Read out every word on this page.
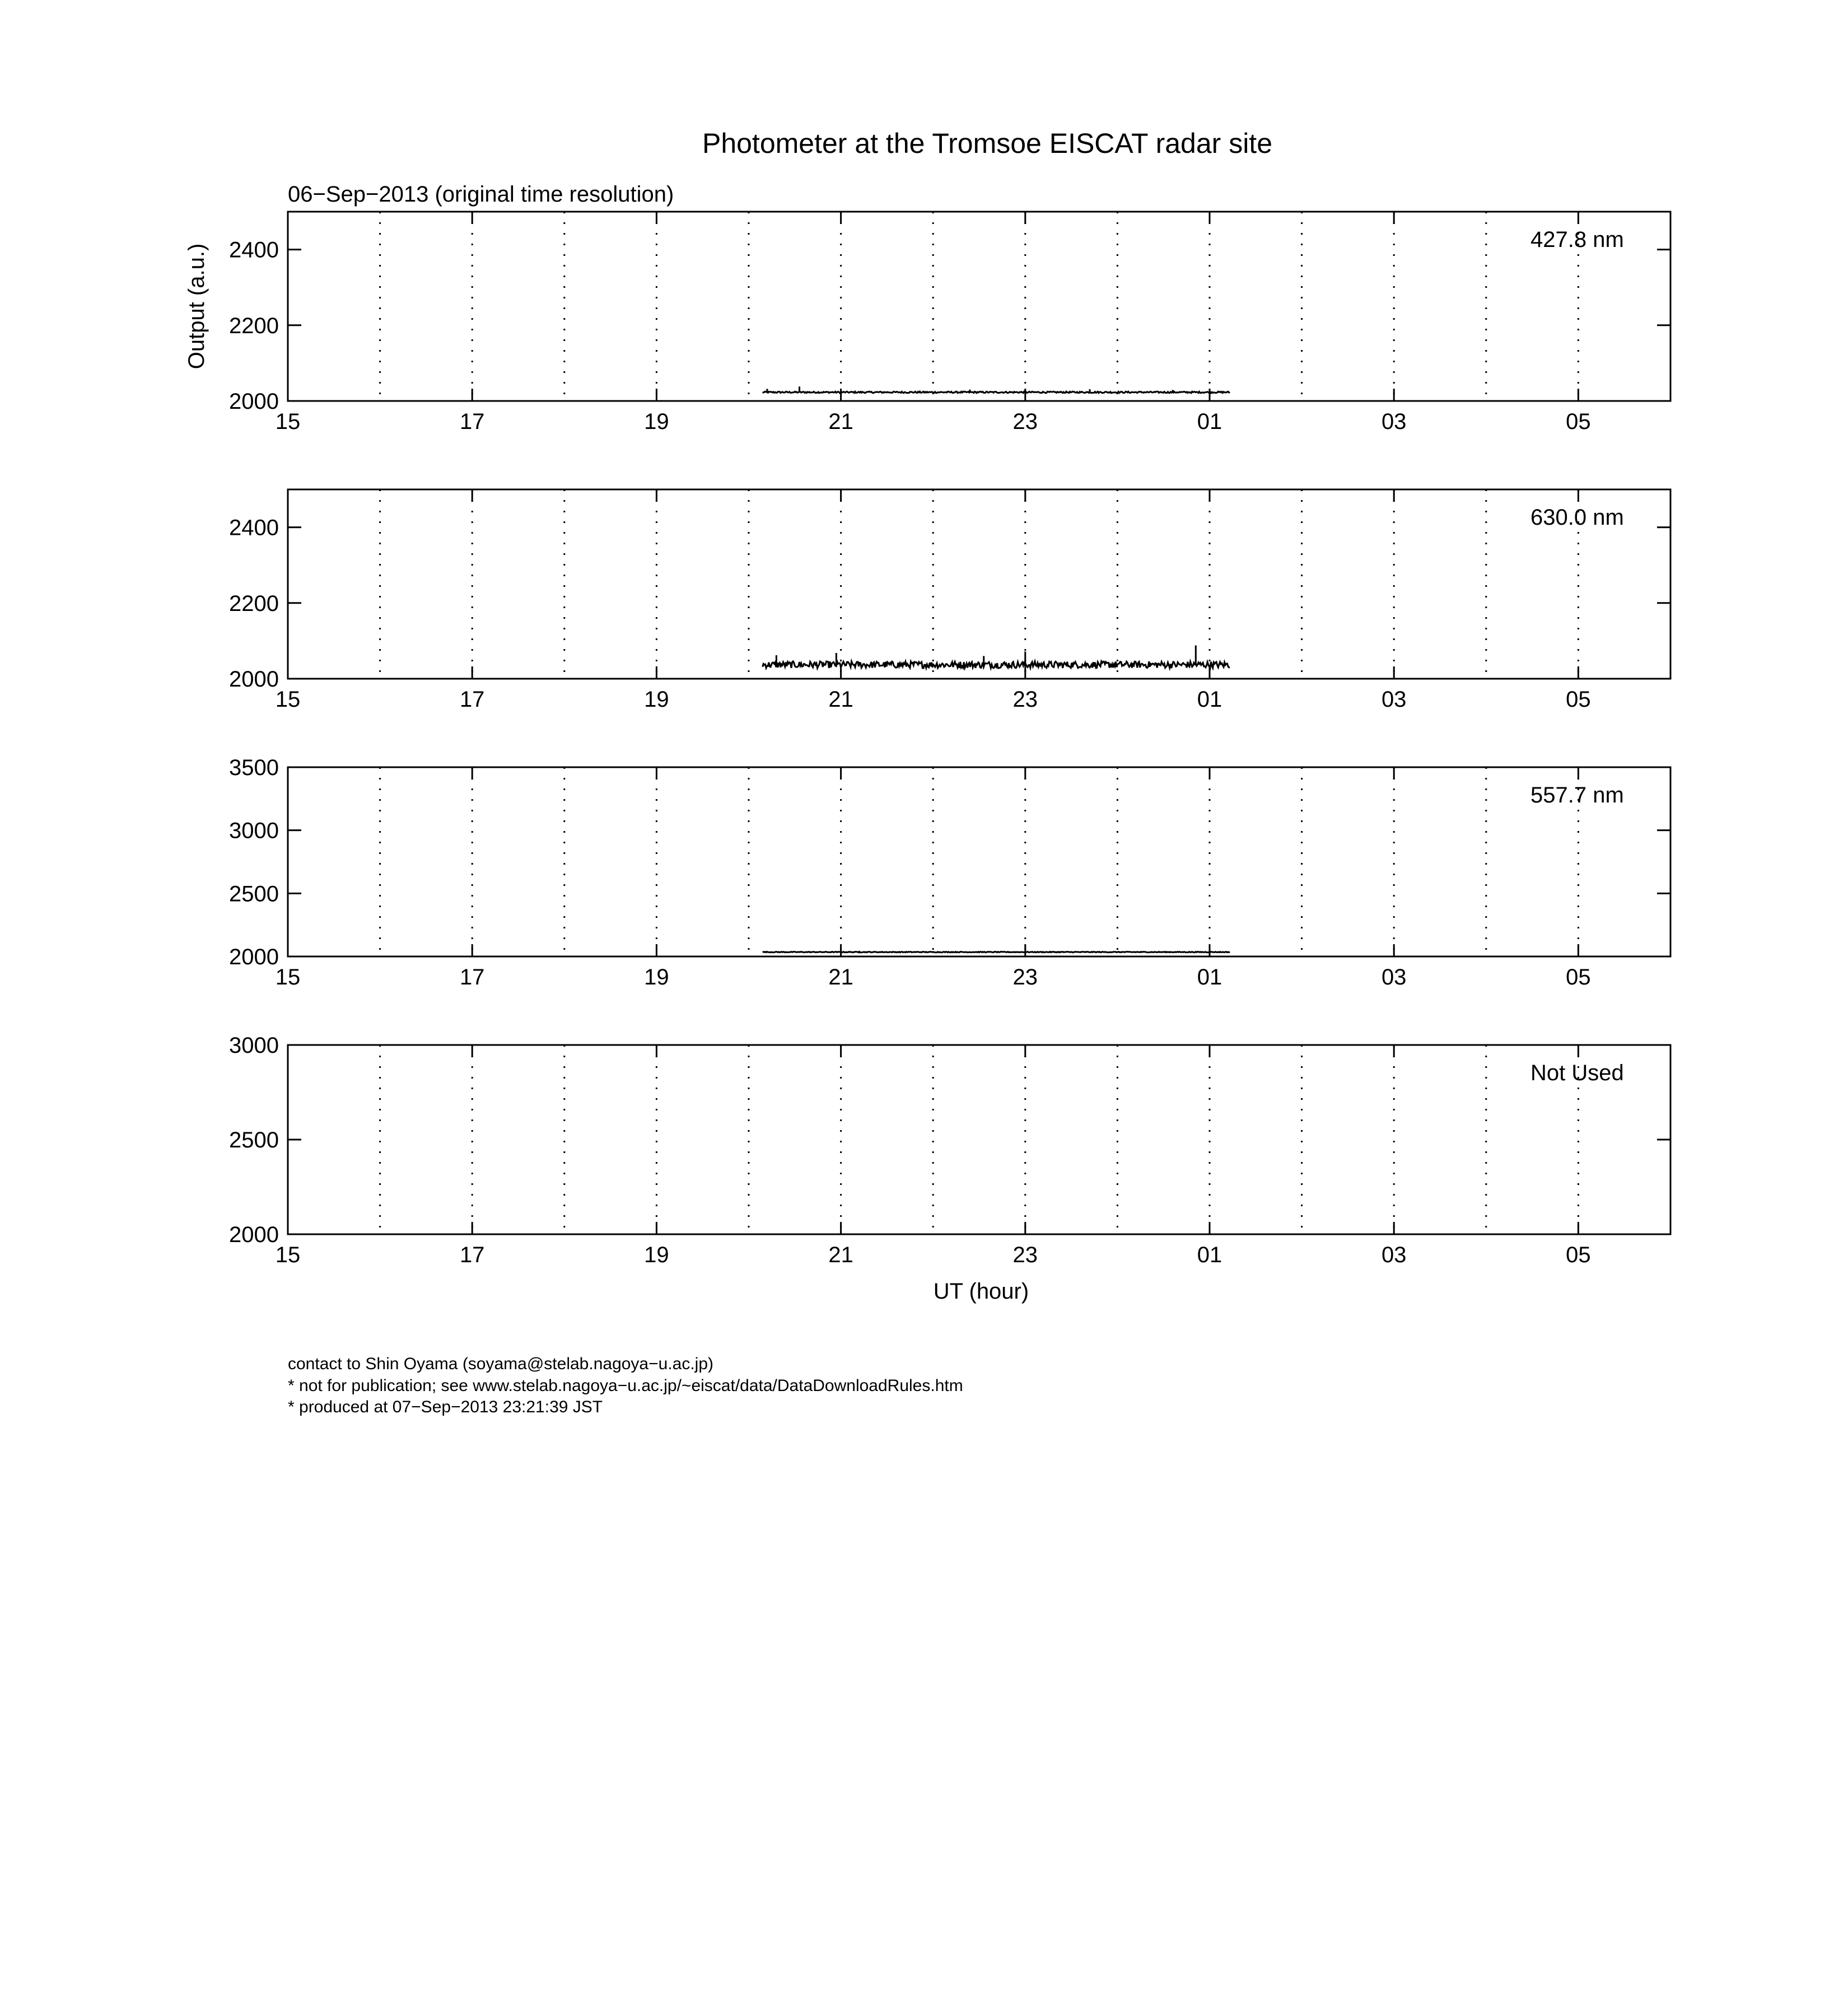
Photometer at the Tromsoe EISCAT radar site
06−Sep−2013 (original time resolution)
Output (a.u.)
UT (hour)
15	17	19	21	23	01	03	05
2000
2200
2400	427.8 nm
15	17	19	21	23	01	03	05
2000
2200
2400	630.0 nm
15	17	19	21	23	01	03	05
2000
2500
3000
3500
557.7 nm
15	17	19	21	23	01	03	05
2000
2500
3000
Not Used
contact to Shin Oyama (soyama@stelab.nagoya−u.ac.jp)
* not for publication; see www.stelab.nagoya−u.ac.jp/~eiscat/data/DataDownloadRules.htm
* produced at 07−Sep−2013 23:21:39 JST
